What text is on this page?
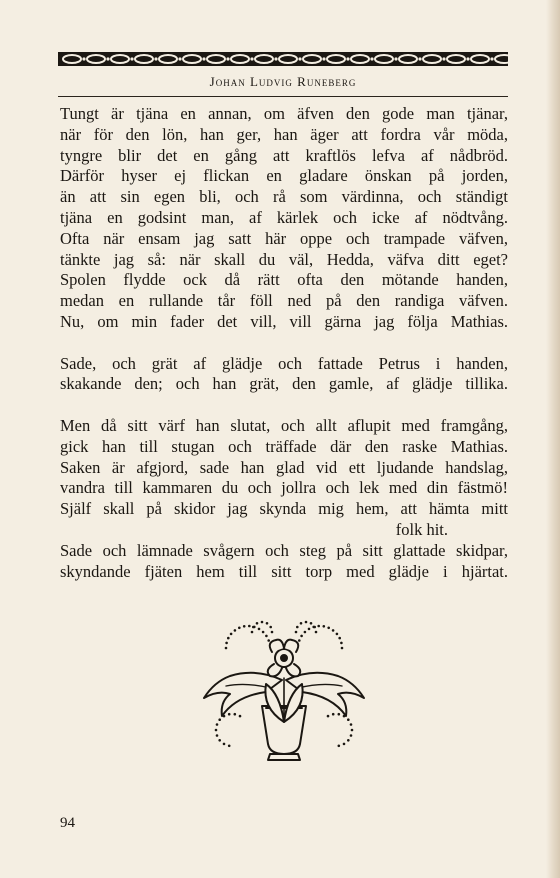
Johan Ludvig Runeberg
Tungt är tjäna en annan, om äfven den gode man tjänar,
när för den lön, han ger, han äger att fordra vår möda,
tyngre blir det en gång att kraftlös lefva af nådbröd.
Därför hyser ej flickan en gladare önskan på jorden,
än att sin egen bli, och rå som värdinna, och ständigt
tjäna en godsint man, af kärlek och icke af nödtvång.
Ofta när ensam jag satt här oppe och trampade väfven,
tänkte jag så: när skall du väl, Hedda, väfva ditt eget?
Spolen flydde ock då rätt ofta den mötande handen,
medan en rullande tår föll ned på den randiga väfven.
Nu, om min fader det vill, vill gärna jag följa Mathias.
Sade, och grät af glädje och fattade Petrus i handen,
skakande den; och han grät, den gamle, af glädje tillika.
Men då sitt värf han slutat, och allt aflupit med framgång,
gick han till stugan och träffade där den raske Mathias.
Saken är afgjord, sade han glad vid ett ljudande handslag,
vandra till kammaren du och jollra och lek med din fästmö!
Själf skall på skidor jag skynda mig hem, att hämta mitt
folk hit.
Sade och lämnade svågern och steg på sitt glattade skidpar,
skyndande fjäten hem till sitt torp med glädje i hjärtat.
94
